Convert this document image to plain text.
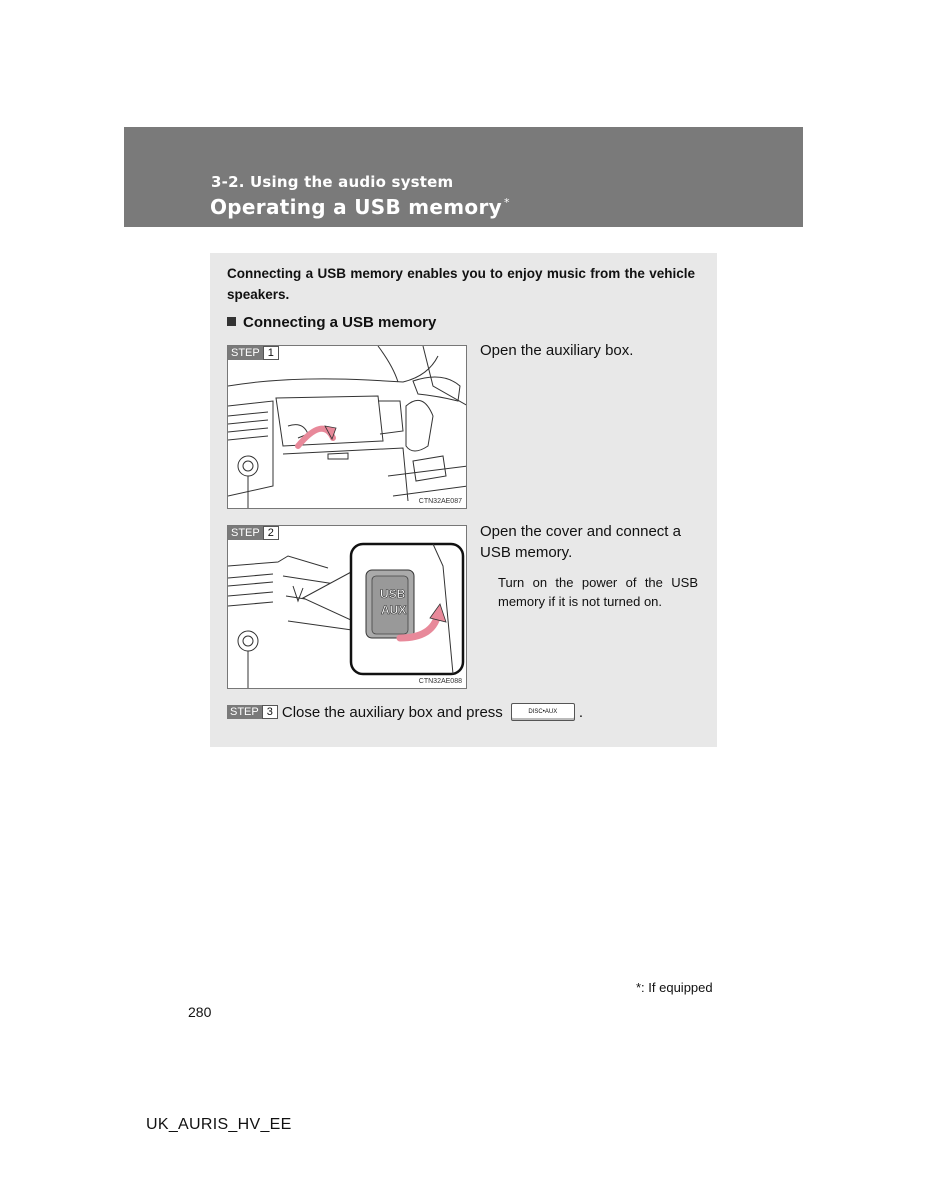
3-2. Using the audio system
Operating a USB memory *
Connecting a USB memory enables you to enjoy music from the vehicle speakers.
Connecting a USB memory
STEP 1
CTN32AE087
Open the auxiliary box.
STEP 2
USB
AUX
CTN32AE088
Open the cover and connect a USB memory.
Turn on the power of the USB memory if it is not turned on.
STEP 3 Close the auxiliary box and press	DISC•AUX	.
*: If equipped
280
UK_AURIS_HV_EE
